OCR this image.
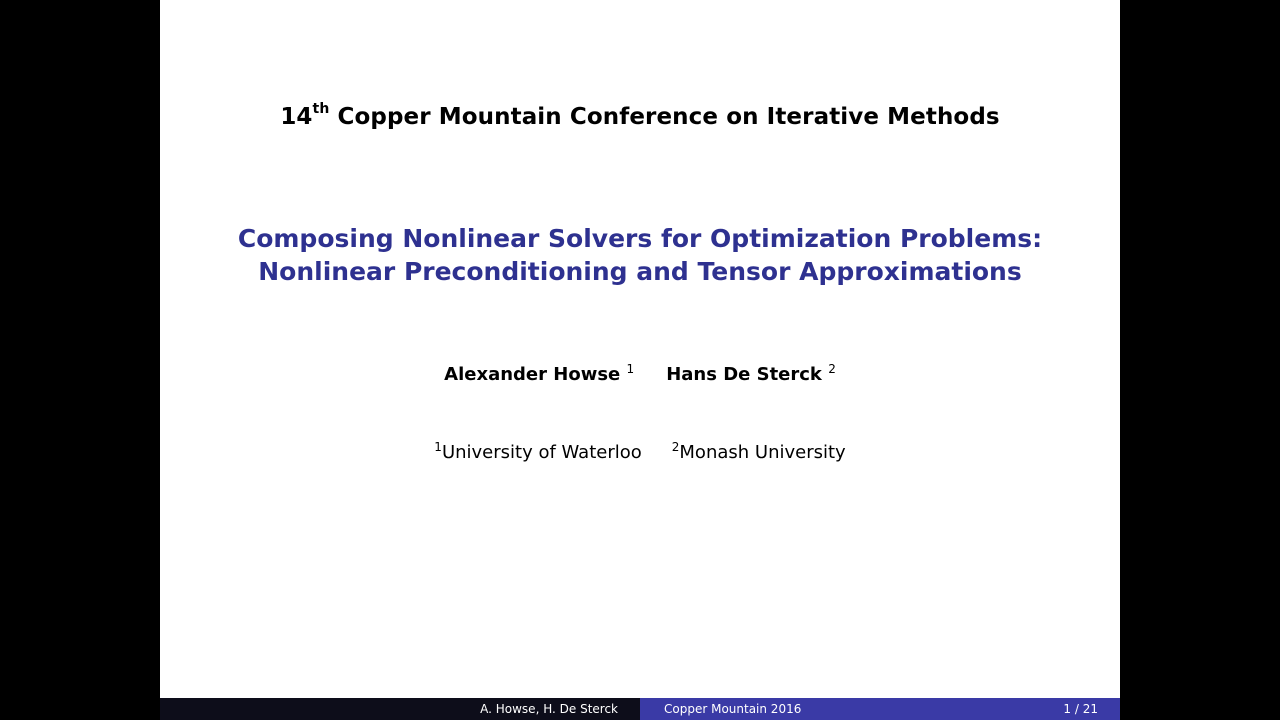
14th Copper Mountain Conference on Iterative Methods
Composing Nonlinear Solvers for Optimization Problems:
Nonlinear Preconditioning and Tensor Approximations
Alexander Howse $^1$ Hans De Sterck $^2$
$^1$University of Waterloo	$^2$Monash University
A. Howse, H. De Sterck	Copper Mountain 2016	1 / 21
